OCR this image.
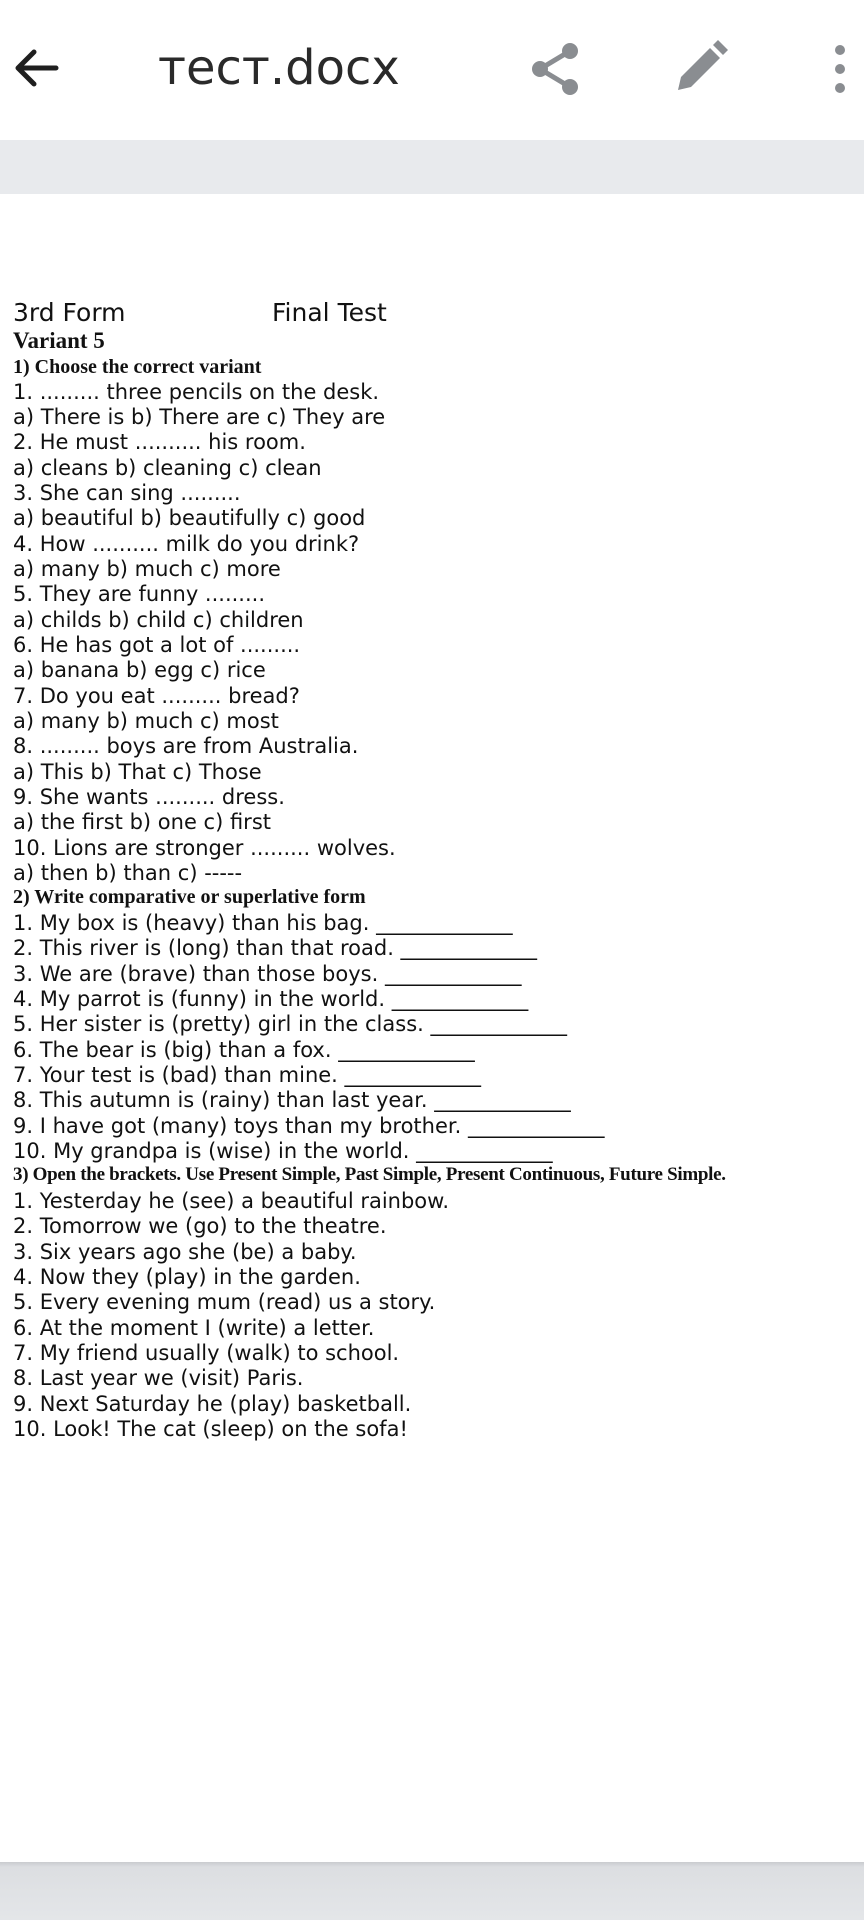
тест.docx
3rd Form	Final Test
Variant 5
1) Choose the correct variant
1. ......... three pencils on the desk.
a) There is b) There are c) They are
2. He must .......... his room.
a) cleans b) cleaning c) clean
3. She can sing .........
a) beautiful b) beautifully c) good
4. How .......... milk do you drink?
a) many b) much c) more
5. They are funny .........
a) childs b) child c) children
6. He has got a lot of .........
a) banana b) egg c) rice
7. Do you eat ......... bread?
a) many b) much c) most
8. ......... boys are from Australia.
a) This b) That c) Those
9. She wants ......... dress.
a) the first b) one c) first
10. Lions are stronger ......... wolves.
a) then b) than c) -----
2) Write comparative or superlative form
1. My box is (heavy) than his bag. _____________
2. This river is (long) than that road. _____________
3. We are (brave) than those boys. _____________
4. My parrot is (funny) in the world. _____________
5. Her sister is (pretty) girl in the class. _____________
6. The bear is (big) than a fox. _____________
7. Your test is (bad) than mine. _____________
8. This autumn is (rainy) than last year. _____________
9. I have got (many) toys than my brother. _____________
10. My grandpa is (wise) in the world. _____________
3) Open the brackets. Use Present Simple, Past Simple, Present Continuous, Future Simple.
1. Yesterday he (see) a beautiful rainbow.
2. Tomorrow we (go) to the theatre.
3. Six years ago she (be) a baby.
4. Now they (play) in the garden.
5. Every evening mum (read) us a story.
6. At the moment I (write) a letter.
7. My friend usually (walk) to school.
8. Last year we (visit) Paris.
9. Next Saturday he (play) basketball.
10. Look! The cat (sleep) on the sofa!
